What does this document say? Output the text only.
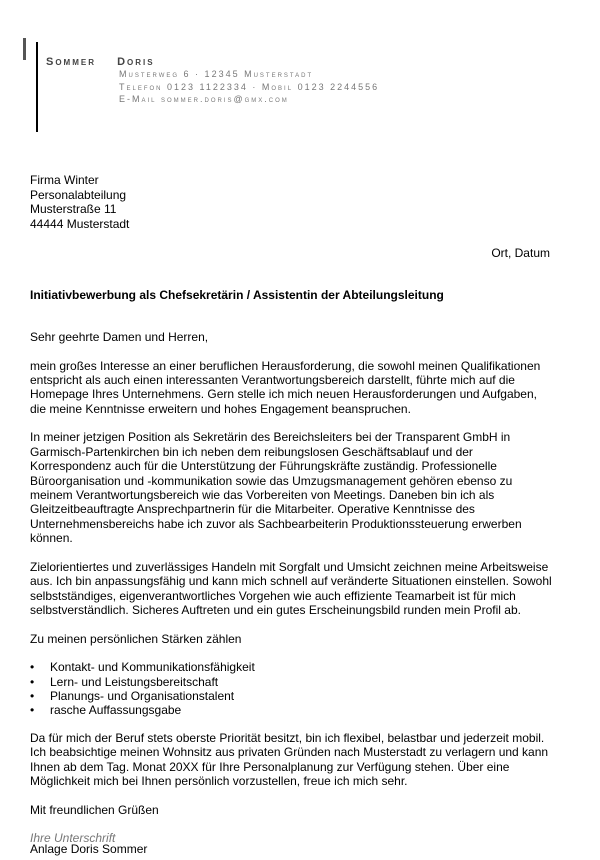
Sommer Doris
Musterweg 6 · 12345 Musterstadt
Telefon 0123 1122334 · Mobil 0123 2244556
E-Mail sommer.doris@gmx.com
Firma Winter
Personalabteilung
Musterstraße 11
44444 Musterstadt
Ort, Datum
Initiativbewerbung als Chefsekretärin / Assistentin der Abteilungsleitung

Sehr geehrte Damen und Herren,

mein großes Interesse an einer beruflichen Herausforderung, die sowohl meinen Qualifikationen entspricht als auch einen interessanten Verantwortungsbereich darstellt, führte mich auf die Homepage Ihres Unternehmens. Gern stelle ich mich neuen Herausforderungen und Aufgaben, die meine Kenntnisse erweitern und hohes Engagement beanspruchen.

In meiner jetzigen Position als Sekretärin des Bereichsleiters bei der Transparent GmbH in Garmisch-Partenkirchen bin ich neben dem reibungslosen Geschäftsablauf und der Korrespondenz auch für die Unterstützung der Führungskräfte zuständig. Professionelle Büroorganisation und -kommunikation sowie das Umzugsmanagement gehören ebenso zu meinem Verantwortungsbereich wie das Vorbereiten von Meetings. Daneben bin ich als Gleitzeitbeauftragte Ansprechpartnerin für die Mitarbeiter. Operative Kenntnisse des Unternehmensbereichs habe ich zuvor als Sachbearbeiterin Produktionssteuerung erwerben können.

Zielorientiertes und zuverlässiges Handeln mit Sorgfalt und Umsicht zeichnen meine Arbeitsweise aus. Ich bin anpassungsfähig und kann mich schnell auf veränderte Situationen einstellen. Sowohl selbstständiges, eigenverantwortliches Vorgehen wie auch effiziente Teamarbeit ist für mich selbstverständlich. Sicheres Auftreten und ein gutes Erscheinungsbild runden mein Profil ab.

Zu meinen persönlichen Stärken zählen

• Kontakt- und Kommunikationsfähigkeit
• Lern- und Leistungsbereitschaft
• Planungs- und Organisationstalent
• rasche Auffassungsgabe

Da für mich der Beruf stets oberste Priorität besitzt, bin ich flexibel, belastbar und jederzeit mobil. Ich beabsichtige meinen Wohnsitz aus privaten Gründen nach Musterstadt zu verlagern und kann Ihnen ab dem Tag. Monat 20XX für Ihre Personalplanung zur Verfügung stehen. Über eine Möglichkeit mich bei Ihnen persönlich vorzustellen, freue ich mich sehr.

Mit freundlichen Grüßen

Ihre Unterschrift

Anlage Doris Sommer
